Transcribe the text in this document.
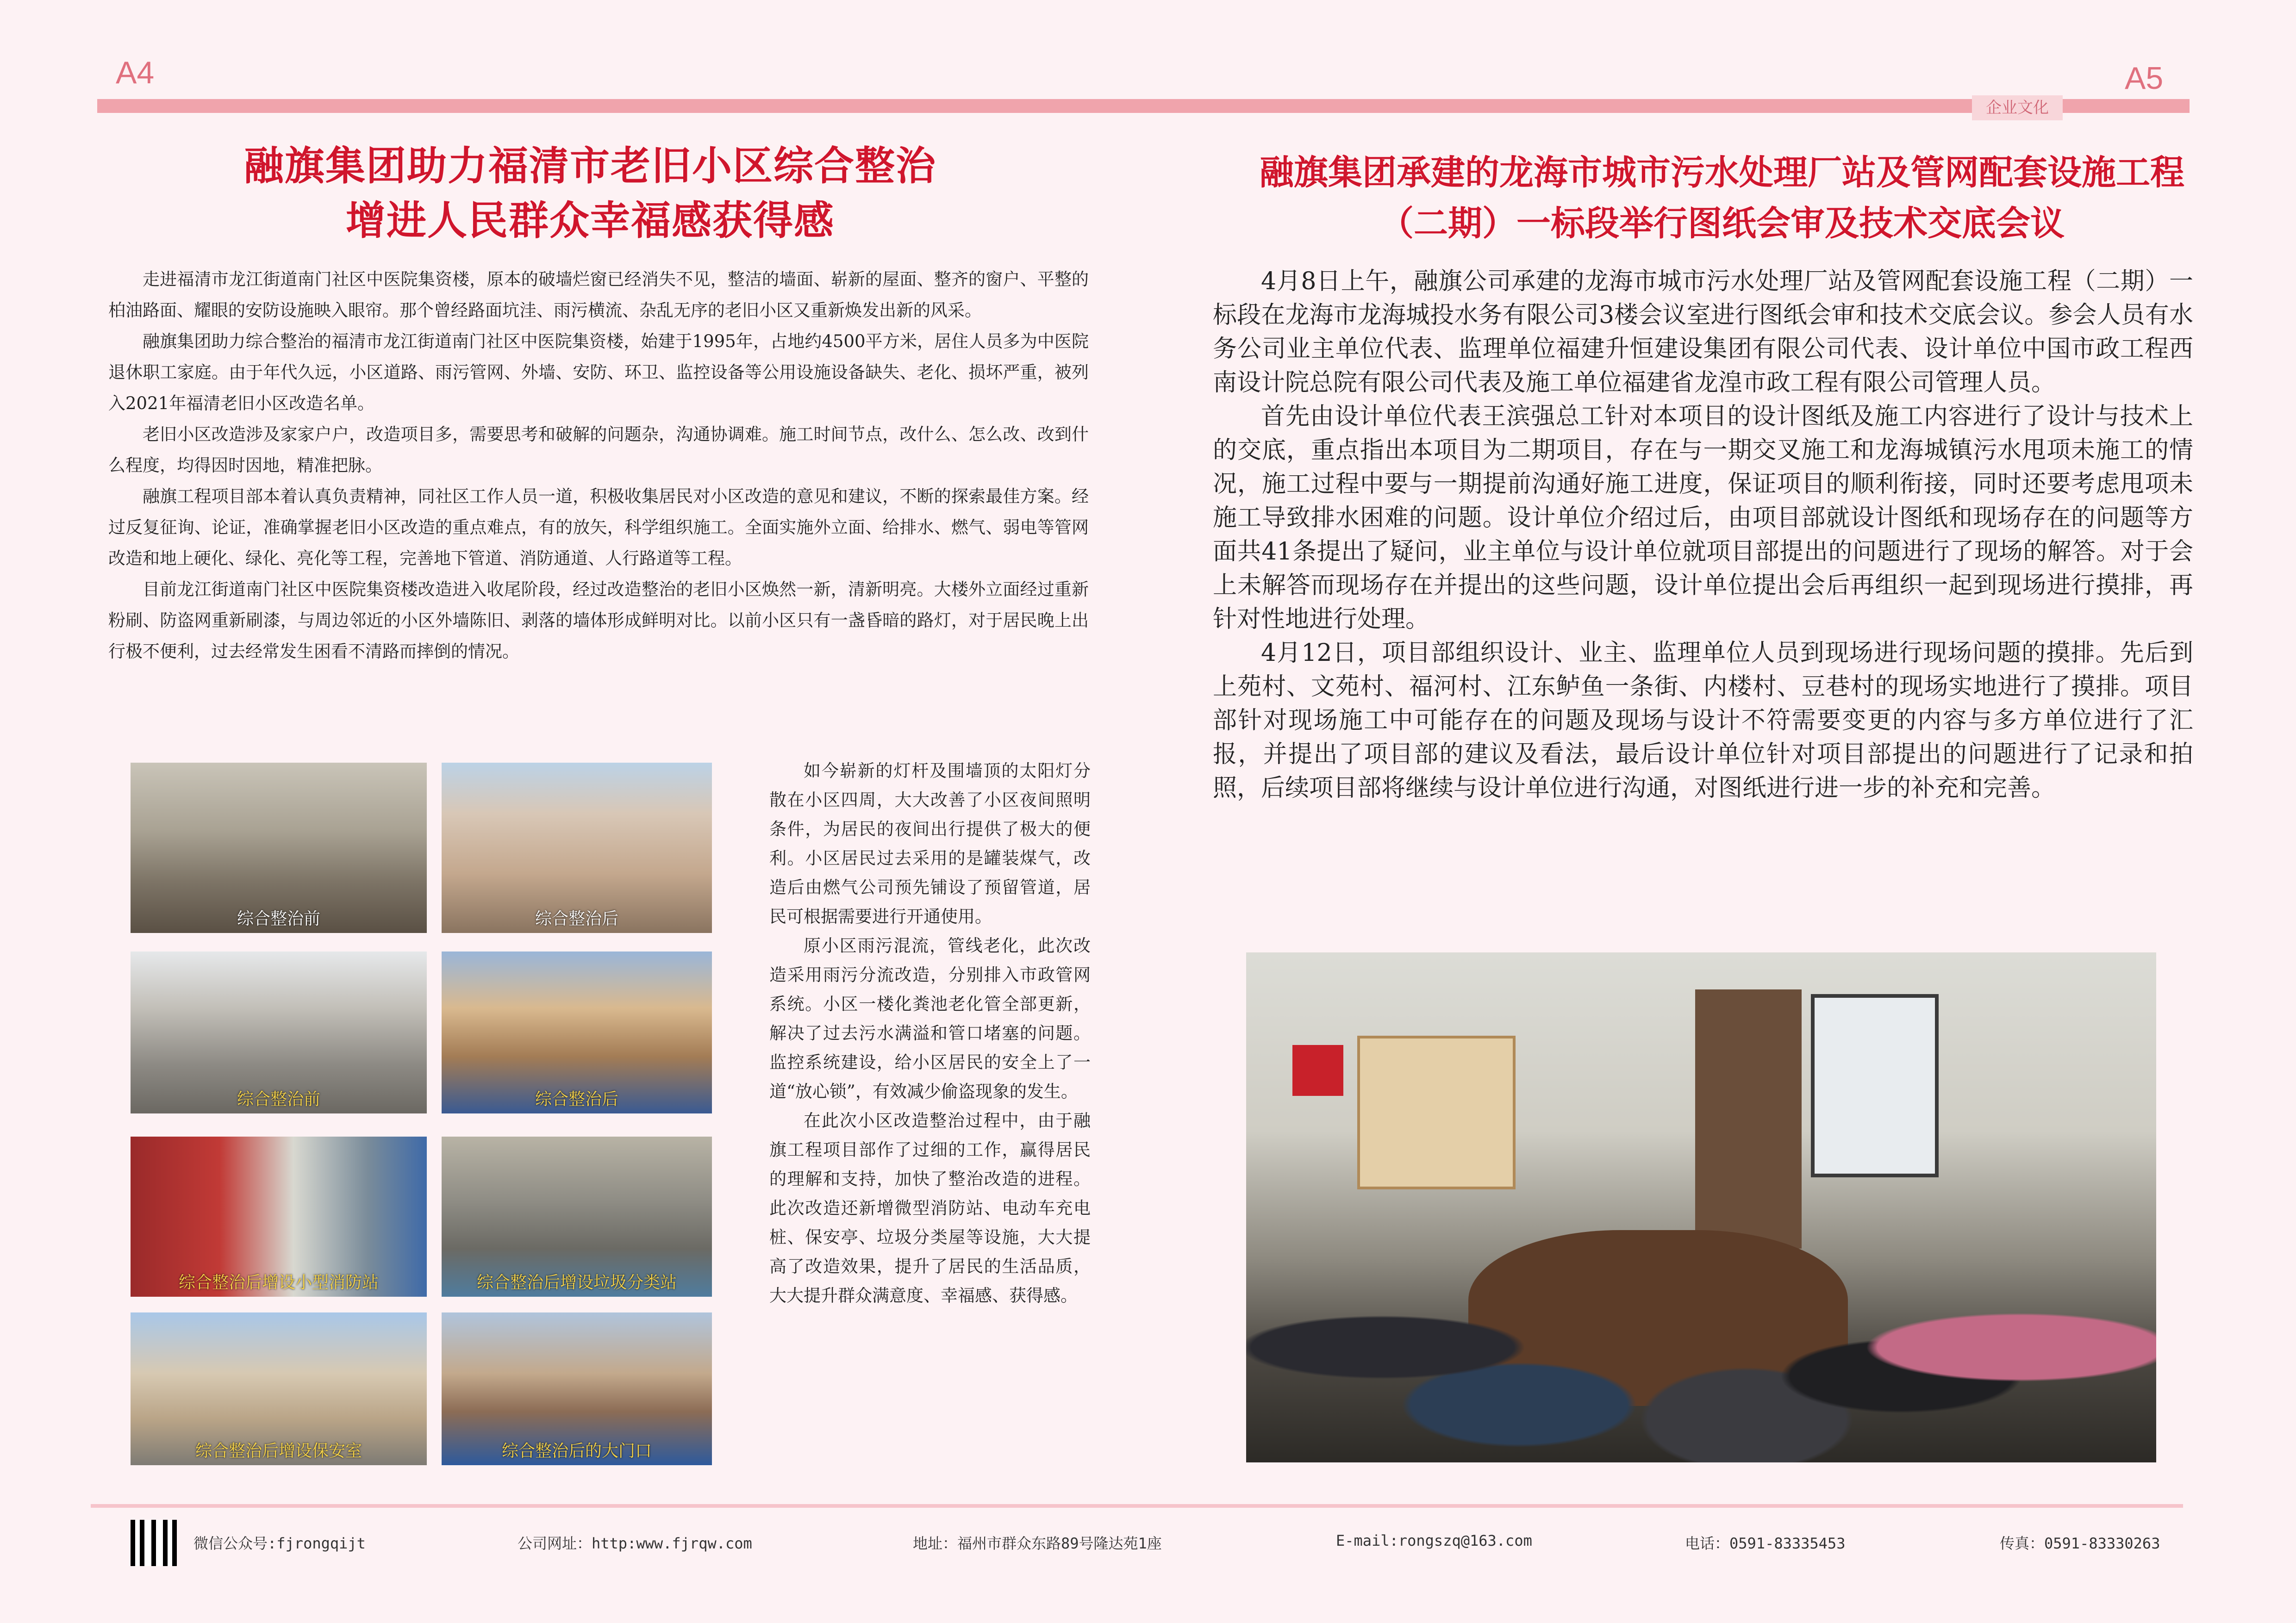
A4	A5
企业文化
融旗集团助力福清市老旧小区综合整治
增进人民群众幸福感获得感

走进福清市龙江街道南门社区中医院集资楼，原本的破墙烂窗已经消失不见，整洁的墙面、崭新的屋面、整齐的窗户、平整的柏油路面、耀眼的安防设施映入眼帘。那个曾经路面坑洼、雨污横流、杂乱无序的老旧小区又重新焕发出新的风采。

融旗集团助力综合整治的福清市龙江街道南门社区中医院集资楼，始建于1995年，占地约4500平方米，居住人员多为中医院退休职工家庭。由于年代久远，小区道路、雨污管网、外墙、安防、环卫、监控设备等公用设施设备缺失、老化、损坏严重，被列入2021年福清老旧小区改造名单。

老旧小区改造涉及家家户户，改造项目多，需要思考和破解的问题杂，沟通协调难。施工时间节点，改什么、怎么改、改到什么程度，均得因时因地，精准把脉。

融旗工程项目部本着认真负责精神，同社区工作人员一道，积极收集居民对小区改造的意见和建议，不断的探索最佳方案。经过反复征询、论证，准确掌握老旧小区改造的重点难点，有的放矢，科学组织施工。全面实施外立面、给排水、燃气、弱电等管网改造和地上硬化、绿化、亮化等工程，完善地下管道、消防通道、人行路道等工程。

目前龙江街道南门社区中医院集资楼改造进入收尾阶段，经过改造整治的老旧小区焕然一新，清新明亮。大楼外立面经过重新粉刷、防盗网重新刷漆，与周边邻近的小区外墙陈旧、剥落的墙体形成鲜明对比。以前小区只有一盏昏暗的路灯，对于居民晚上出行极不便利，过去经常发生困看不清路而摔倒的情况。

综合整治前	综合整治后
综合整治前	综合整治后
综合整治后增设小型消防站	综合整治后增设垃圾分类站
综合整治后增设保安室	综合整治后的大门口

如今崭新的灯杆及围墙顶的太阳灯分散在小区四周，大大改善了小区夜间照明条件，为居民的夜间出行提供了极大的便利。小区居民过去采用的是罐装煤气，改造后由燃气公司预先铺设了预留管道，居民可根据需要进行开通使用。

原小区雨污混流，管线老化，此次改造采用雨污分流改造，分别排入市政管网系统。小区一楼化粪池老化管全部更新，解决了过去污水满溢和管口堵塞的问题。监控系统建设，给小区居民的安全上了一道“放心锁”，有效减少偷盗现象的发生。

在此次小区改造整治过程中，由于融旗工程项目部作了过细的工作，赢得居民的理解和支持，加快了整治改造的进程。此次改造还新增微型消防站、电动车充电桩、保安亭、垃圾分类屋等设施，大大提高了改造效果，提升了居民的生活品质，大大提升群众满意度、幸福感、获得感。

融旗集团承建的龙海市城市污水处理厂站及管网配套设施工程
（二期）一标段举行图纸会审及技术交底会议

4月8日上午，融旗公司承建的龙海市城市污水处理厂站及管网配套设施工程（二期）一标段在龙海市龙海城投水务有限公司3楼会议室进行图纸会审和技术交底会议。参会人员有水务公司业主单位代表、监理单位福建升恒建设集团有限公司代表、设计单位中国市政工程西南设计院总院有限公司代表及施工单位福建省龙湟市政工程有限公司管理人员。

首先由设计单位代表王滨强总工针对本项目的设计图纸及施工内容进行了设计与技术上的交底，重点指出本项目为二期项目，存在与一期交叉施工和龙海城镇污水甩项未施工的情况，施工过程中要与一期提前沟通好施工进度，保证项目的顺利衔接，同时还要考虑甩项未施工导致排水困难的问题。设计单位介绍过后，由项目部就设计图纸和现场存在的问题等方面共41条提出了疑问，业主单位与设计单位就项目部提出的问题进行了现场的解答。对于会上未解答而现场存在并提出的这些问题，设计单位提出会后再组织一起到现场进行摸排，再针对性地进行处理。

4月12日，项目部组织设计、业主、监理单位人员到现场进行现场问题的摸排。先后到上苑村、文苑村、福河村、江东鲈鱼一条街、内楼村、豆巷村的现场实地进行了摸排。项目部针对现场施工中可能存在的问题及现场与设计不符需要变更的内容与多方单位进行了汇报，并提出了项目部的建议及看法，最后设计单位针对项目部提出的问题进行了记录和拍照，后续项目部将继续与设计单位进行沟通，对图纸进行进一步的补充和完善。

微信公众号:fjrongqijt	公司网址：http:www.fjrqw.com	地址：福州市群众东路89号隆达苑1座	E-mail:rongszq@163.com	电话：0591-83335453	传真：0591-83330263
